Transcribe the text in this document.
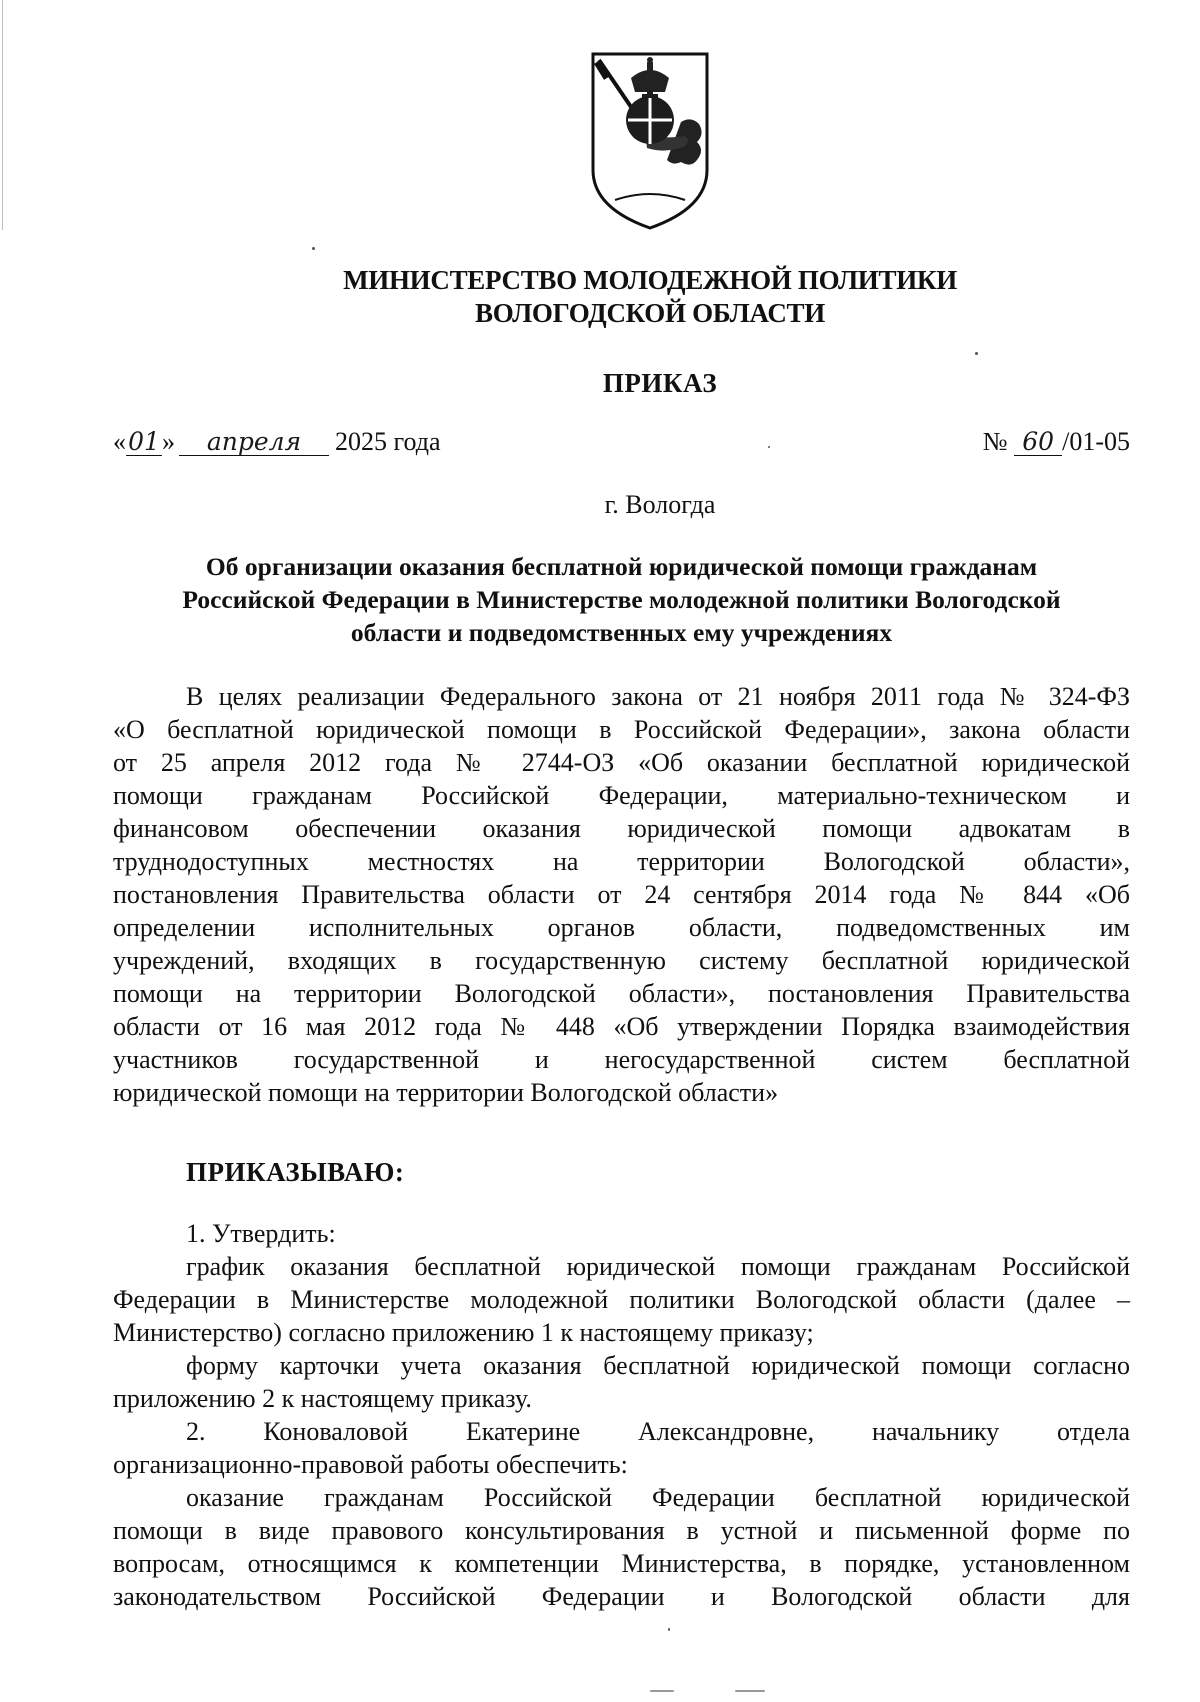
МИНИСТЕРСТВО МОЛОДЕЖНОЙ ПОЛИТИКИ
ВОЛОГОДСКОЙ ОБЛАСТИ
ПРИКАЗ
«01» апреля 2025 года	№ 60 /01-05
г. Вологда
Об организации оказания бесплатной юридической помощи гражданам
Российской Федерации в Министерстве молодежной политики Вологодской
области и подведомственных ему учреждениях
В целях реализации Федерального закона от 21 ноября 2011 года № 324-ФЗ
«О бесплатной юридической помощи в Российской Федерации», закона области
от 25 апреля 2012 года № 2744-ОЗ «Об оказании бесплатной юридической
помощи гражданам Российской Федерации, материально-техническом и
финансовом обеспечении оказания юридической помощи адвокатам в
труднодоступных местностях на территории Вологодской области»,
постановления Правительства области от 24 сентября 2014 года № 844 «Об
определении исполнительных органов области, подведомственных им
учреждений, входящих в государственную систему бесплатной юридической
помощи на территории Вологодской области», постановления Правительства
области от 16 мая 2012 года № 448 «Об утверждении Порядка взаимодействия
участников государственной и негосударственной систем бесплатной
юридической помощи на территории Вологодской области»
ПРИКАЗЫВАЮ:
1. Утвердить:
график оказания бесплатной юридической помощи гражданам Российской
Федерации в Министерстве молодежной политики Вологодской области (далее –
Министерство) согласно приложению 1 к настоящему приказу;
форму карточки учета оказания бесплатной юридической помощи согласно
приложению 2 к настоящему приказу.
2. Коноваловой Екатерине Александровне, начальнику отдела
организационно-правовой работы обеспечить:
оказание гражданам Российской Федерации бесплатной юридической
помощи в виде правового консультирования в устной и письменной форме по
вопросам, относящимся к компетенции Министерства, в порядке, установленном
законодательством Российской Федерации и Вологодской области для
